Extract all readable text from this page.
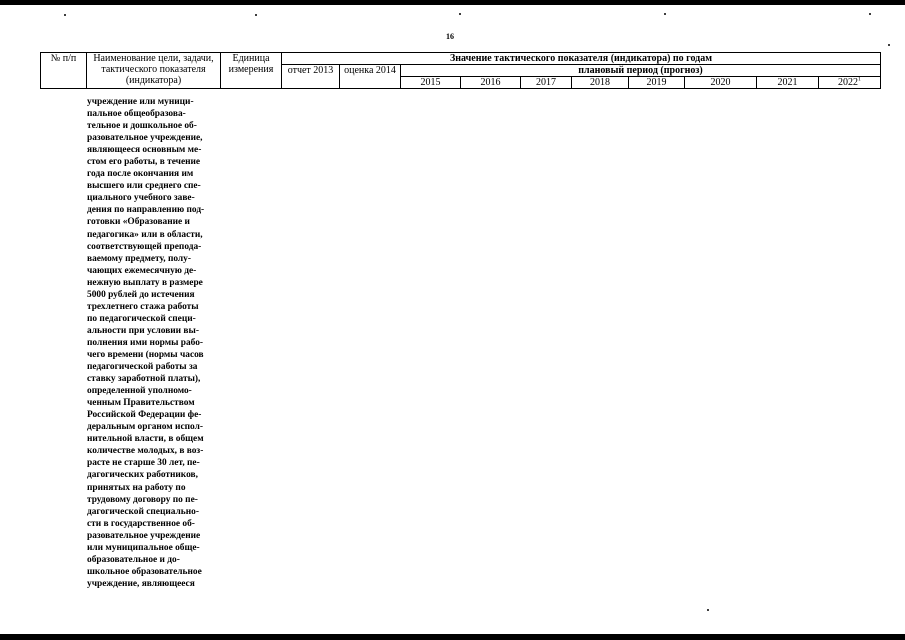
16
№ п/п	Наименование цели, задачи, тактического показателя (индикатора)	Единица измерения	Значение тактического показателя (индикатора) по годам									
			отчет 2013	оценка 2014	плановый период (прогноз)							
					2015	2016	2017	2018	2019	2020	2021	2022$^1$
учреждение или муници-
пальное общеобразова-
тельное и дошкольное об-
разовательное учреждение,
являющееся основным ме-
стом его работы, в течение
года после окончания им
высшего или среднего спе-
циального учебного заве-
дения по направлению под-
готовки «Образование и
педагогика» или в области,
соответствующей препода-
ваемому предмету, полу-
чающих ежемесячную де-
нежную выплату в размере
5000 рублей до истечения
трехлетнего стажа работы
по педагогической специ-
альности при условии вы-
полнения ими нормы рабо-
чего времени (нормы часов
педагогической работы за
ставку заработной платы),
определенной уполномо-
ченным Правительством
Российской Федерации фе-
деральным органом испол-
нительной власти, в общем
количестве молодых, в воз-
расте не старше 30 лет, пе-
дагогических работников,
принятых на работу по
трудовому договору по пе-
дагогической специально-
сти в государственное об-
разовательное учреждение
или муниципальное обще-
образовательное и до-
школьное образовательное
учреждение, являющееся
